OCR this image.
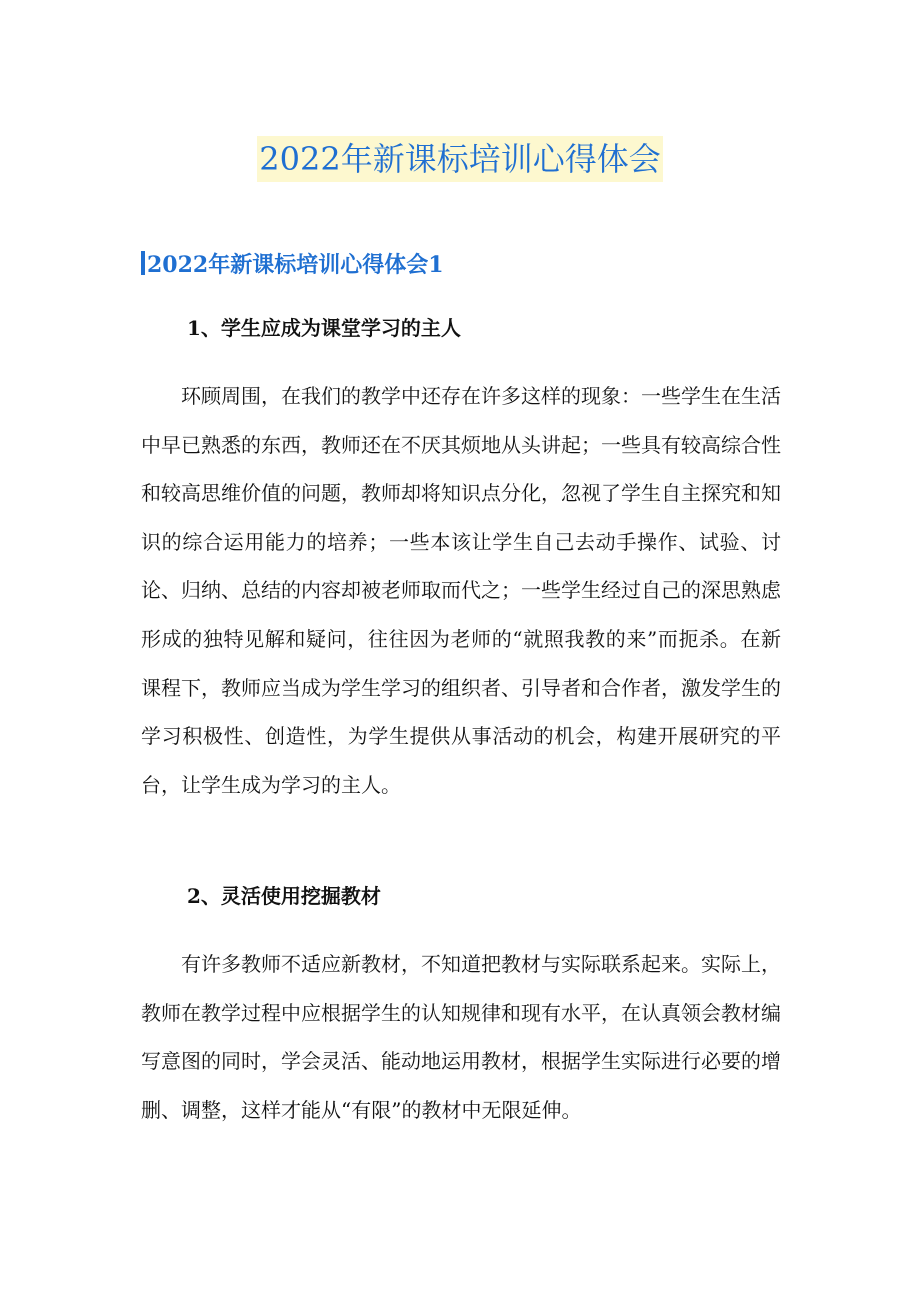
2022年新课标培训心得体会
2022年新课标培训心得体会1
1、学生应成为课堂学习的主人

环顾周围，在我们的教学中还存在许多这样的现象：一些学生在生活中早已熟悉的东西，教师还在不厌其烦地从头讲起；一些具有较高综合性和较高思维价值的问题，教师却将知识点分化，忽视了学生自主探究和知识的综合运用能力的培养；一些本该让学生自己去动手操作、试验、讨论、归纳、总结的内容却被老师取而代之；一些学生经过自己的深思熟虑形成的独特见解和疑问，往往因为老师的“就照我教的来”而扼杀。在新课程下，教师应当成为学生学习的组织者、引导者和合作者，激发学生的学习积极性、创造性，为学生提供从事活动的机会，构建开展研究的平台，让学生成为学习的主人。

2、灵活使用挖掘教材

有许多教师不适应新教材，不知道把教材与实际联系起来。实际上，教师在教学过程中应根据学生的认知规律和现有水平，在认真领会教材编写意图的同时，学会灵活、能动地运用教材，根据学生实际进行必要的增删、调整，这样才能从“有限”的教材中无限延伸。
